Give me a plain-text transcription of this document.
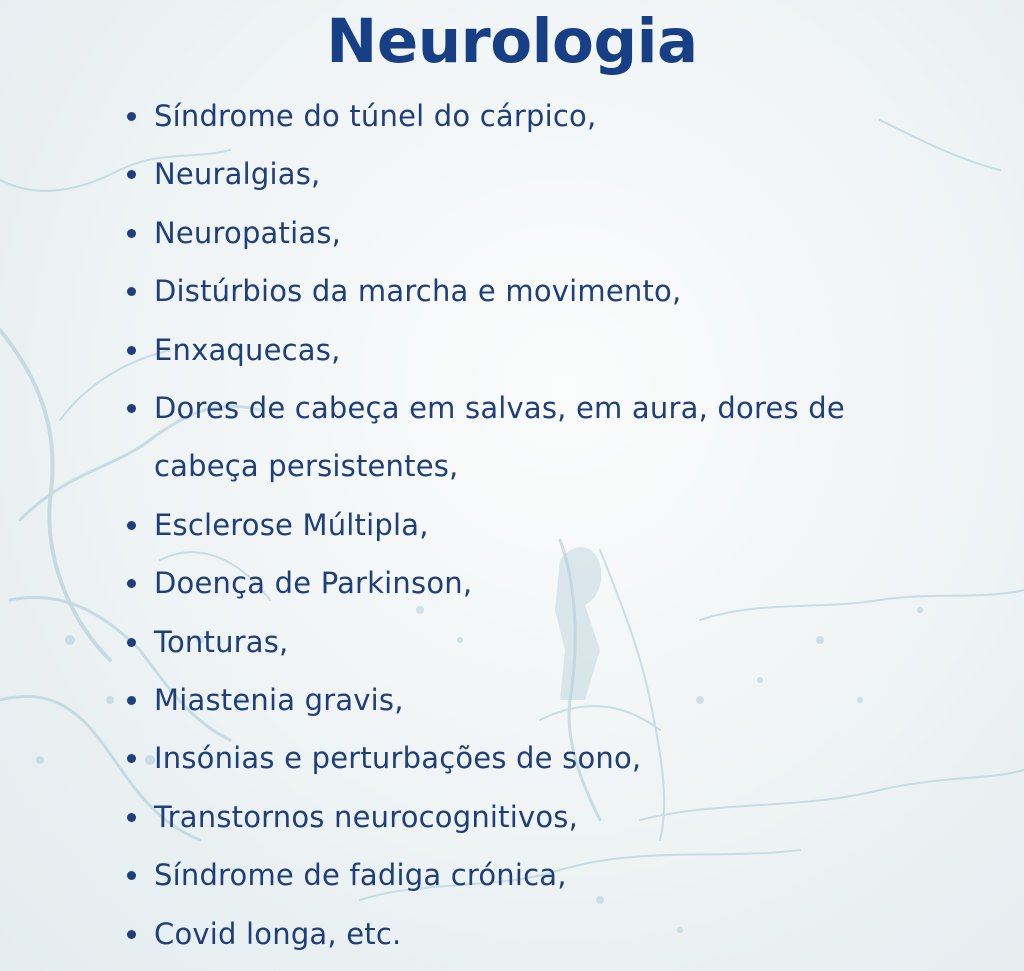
Neurologia
Síndrome do túnel do cárpico,
Neuralgias,
Neuropatias,
Distúrbios da marcha e movimento,
Enxaquecas,
Dores de cabeça em salvas, em aura, dores de cabeça persistentes,
Esclerose Múltipla,
Doença de Parkinson,
Tonturas,
Miastenia gravis,
Insónias e perturbações de sono,
Transtornos neurocognitivos,
Síndrome de fadiga crónica,
Covid longa, etc.
